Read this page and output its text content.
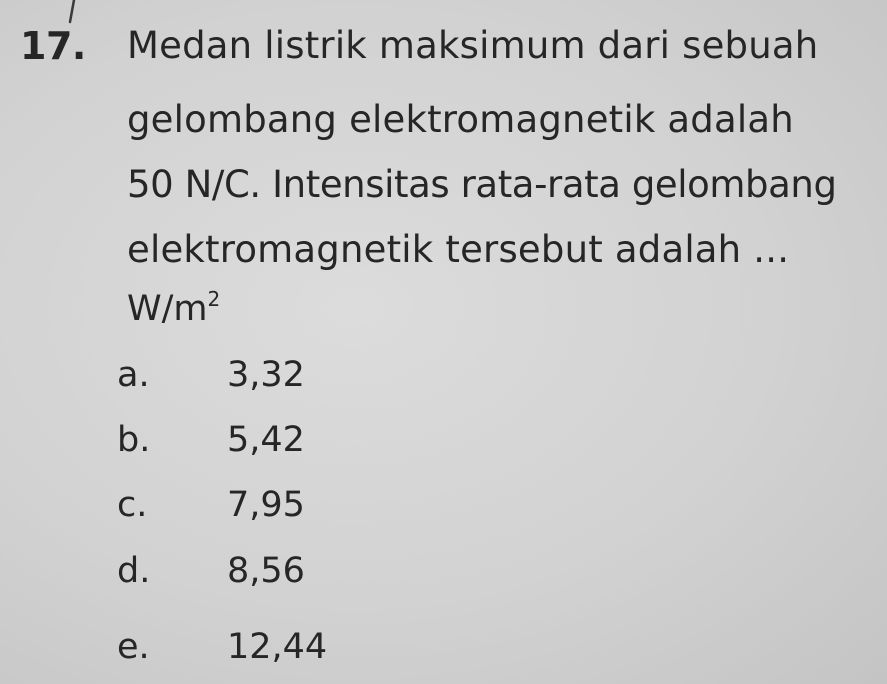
17. Medan listrik maksimum dari sebuah
gelombang elektromagnetik adalah
50 N/C. Intensitas rata-rata gelombang
elektromagnetik tersebut adalah ...
$W/m^2$
a. 3,32
b. 5,42
c. 7,95
d. 8,56
e. 12,44
